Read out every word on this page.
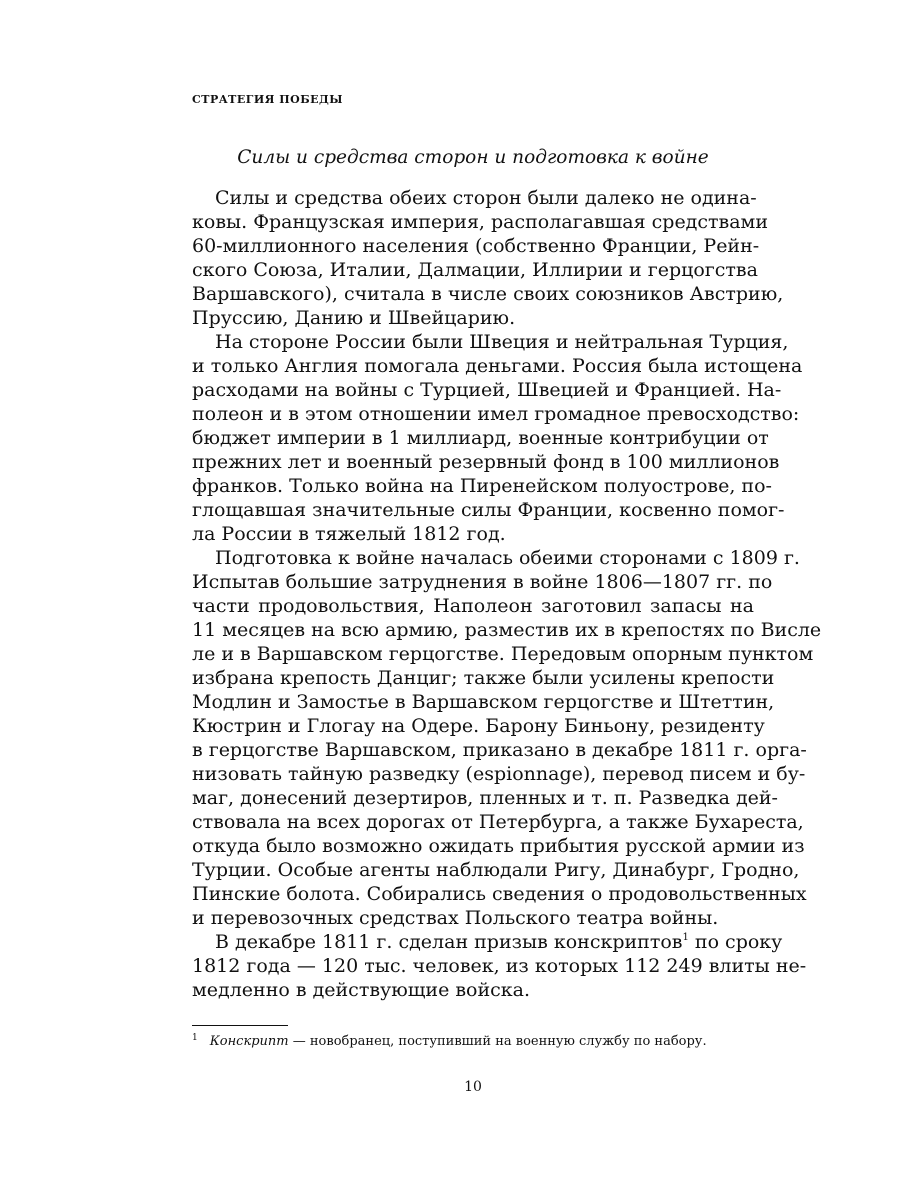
СТРАТЕГИЯ ПОБЕДЫ
Силы и средства сторон и подготовка к войне
Силы и средства обеих сторон были далеко не одина-
ковы. Французская империя, располагавшая средствами
60-миллионного населения (собственно Франции, Рейн-
ского Союза, Италии, Далмации, Иллирии и герцогства
Варшавского), считала в числе своих союзников Австрию,
Пруссию, Данию и Швейцарию.
На стороне России были Швеция и нейтральная Турция,
и только Англия помогала деньгами. Россия была истощена
расходами на войны с Турцией, Швецией и Францией. На-
полеон и в этом отношении имел громадное превосходство:
бюджет империи в 1 миллиард, военные контрибуции от
прежних лет и военный резервный фонд в 100 миллионов
франков. Только война на Пиренейском полуострове, по-
глощавшая значительные силы Франции, косвенно помог-
ла России в тяжелый 1812 год.
Подготовка к войне началась обеими сторонами с 1809 г.
Испытав большие затруднения в войне 1806—1807 гг. по
части продовольствия, Наполеон заготовил запасы на
11 месяцев на всю армию, разместив их в крепостях по Висле
ле и в Варшавском герцогстве. Передовым опорным пунктом
избрана крепость Данциг; также были усилены крепости
Модлин и Замостье в Варшавском герцогстве и Штеттин,
Кюстрин и Глогау на Одере. Барону Биньону, резиденту
в герцогстве Варшавском, приказано в декабре 1811 г. орга-
низовать тайную разведку (espionnage), перевод писем и бу-
маг, донесений дезертиров, пленных и т. п. Разведка дей-
ствовала на всех дорогах от Петербурга, а также Бухареста,
откуда было возможно ожидать прибытия русской армии из
Турции. Особые агенты наблюдали Ригу, Динабург, Гродно,
Пинские болота. Собирались сведения о продовольственных
и перевозочных средствах Польского театра войны.
В декабре 1811 г. сделан призыв конскриптов$^1$ по сроку
1812 года — 120 тыс. человек, из которых 112 249 влиты не-
медленно в действующие войска.
$^1$ Конскрипт — новобранец, поступивший на военную службу по набору.
10
